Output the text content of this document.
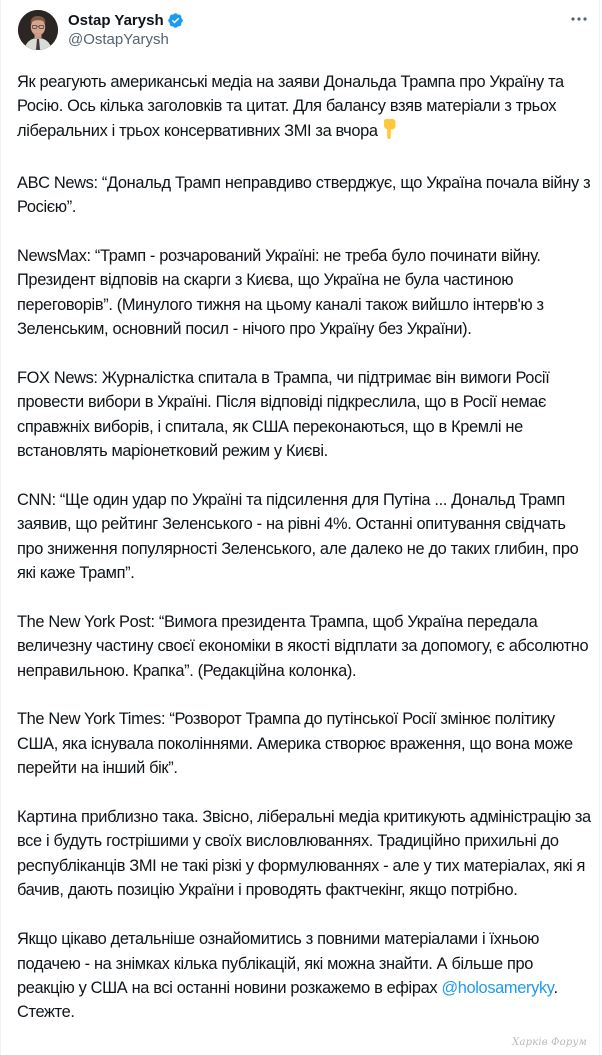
Ostap Yarysh
@OstapYarysh

Як реагують американські медіа на заяви Дональда Трампа про Україну та Росію. Ось кілька заголовків та цитат. Для балансу взяв матеріали з трьох ліберальних і трьох консервативних ЗМІ за вчора

ABC News: “Дональд Трамп неправдиво стверджує, що Україна почала війну з Росією”.

NewsMax: “Трамп - розчарований Україні: не треба було починати війну. Президент відповів на скарги з Києва, що Україна не була частиною переговорів”. (Минулого тижня на цьому каналі також вийшло інтерв'ю з Зеленським, основний посил - нічого про Україну без України).

FOX News: Журналістка спитала в Трампа, чи підтримає він вимоги Росії провести вибори в Україні. Після відповіді підкреслила, що в Росії немає справжніх виборів, і спитала, як США переконаються, що в Кремлі не встановлять маріонетковий режим у Києві.

CNN: “Ще один удар по Україні та підсилення для Путіна ... Дональд Трамп заявив, що рейтинг Зеленського - на рівні 4%. Останні опитування свідчать про зниження популярності Зеленського, але далеко не до таких глибин, про які каже Трамп”.

The New York Post: “Вимога президента Трампа, щоб Україна передала величезну частину своєї економіки в якості відплати за допомогу, є абсолютно неправильною. Крапка”. (Редакційна колонка).

The New York Times: “Розворот Трампа до путінської Росії змінює політику США, яка існувала поколіннями. Америка створює враження, що вона може перейти на інший бік”.

Картина приблизно така. Звісно, ліберальні медіа критикують адміністрацію за все і будуть гострішими у своїх висловлюваннях. Традиційно прихильні до республіканців ЗМІ не такі різкі у формулюваннях - але у тих матеріалах, які я бачив, дають позицію України і проводять фактчекінг, якщо потрібно.

Якщо цікаво детальніше ознайомитись з повними матеріалами і їхньою подачею - на знімках кілька публікацій, які можна знайти. А більше про реакцію у США на всі останні новини розкажемо в ефірах @holosameryky. Стежте.

Харків Форум
